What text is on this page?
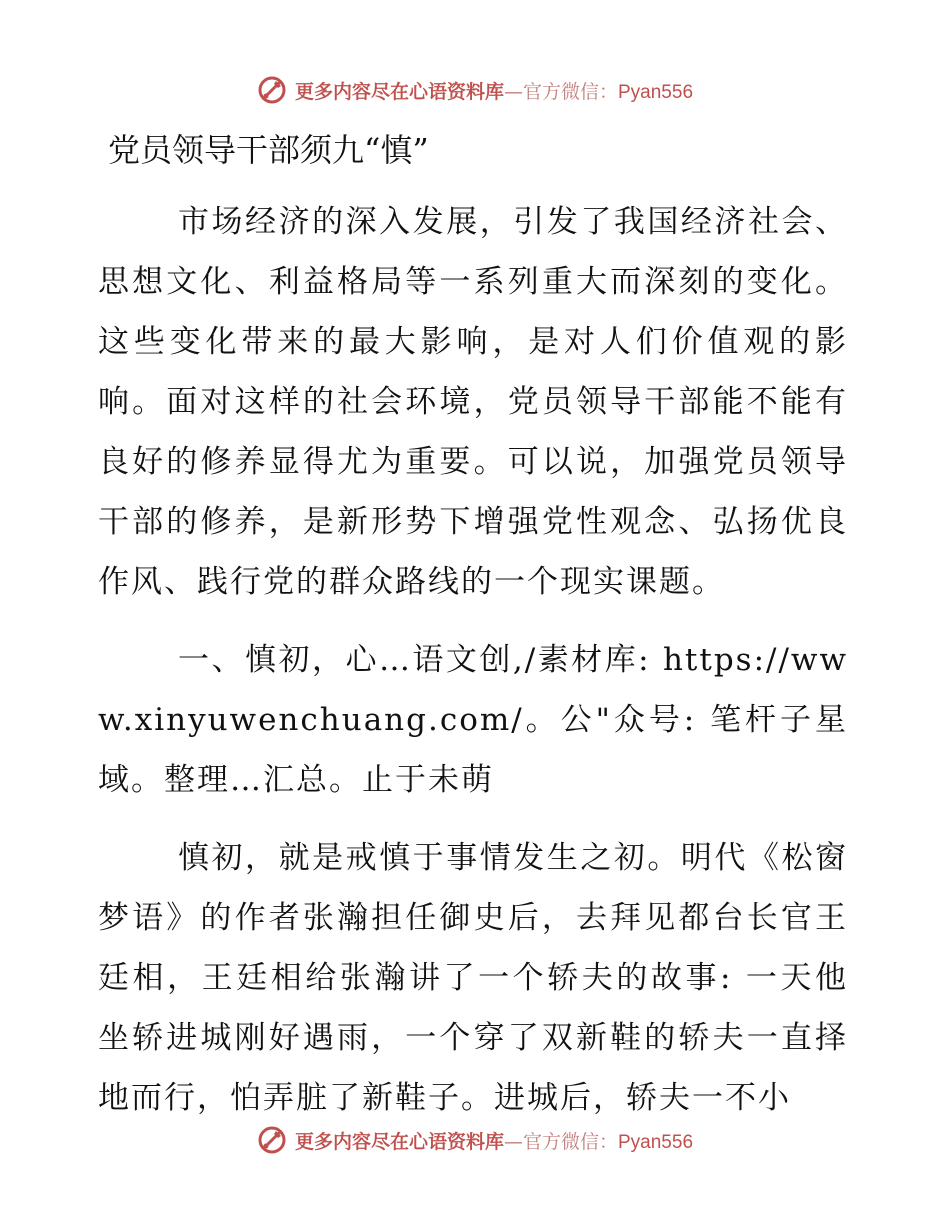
更多内容尽在心语资料库—官方微信：Pyan556
党员领导干部须九“慎”

市场经济的深入发展，引发了我国经济社会、思想文化、利益格局等一系列重大而深刻的变化。这些变化带来的最大影响，是对人们价值观的影响。面对这样的社会环境，党员领导干部能不能有良好的修养显得尤为重要。可以说，加强党员领导干部的修养，是新形势下增强党性观念、弘扬优良作风、践行党的群众路线的一个现实课题。

一、慎初，心…语文创,/素材库: https://www.xinyuwenchuang.com/。公"众号: 笔杆子星域。整理…汇总。止于未萌

慎初，就是戒慎于事情发生之初。明代《松窗梦语》的作者张瀚担任御史后，去拜见都台长官王廷相，王廷相给张瀚讲了一个轿夫的故事: 一天他坐轿进城刚好遇雨，一个穿了双新鞋的轿夫一直择地而行，怕弄脏了新鞋子。进城后，轿夫一不小

更多内容尽在心语资料库—官方微信：Pyan556
